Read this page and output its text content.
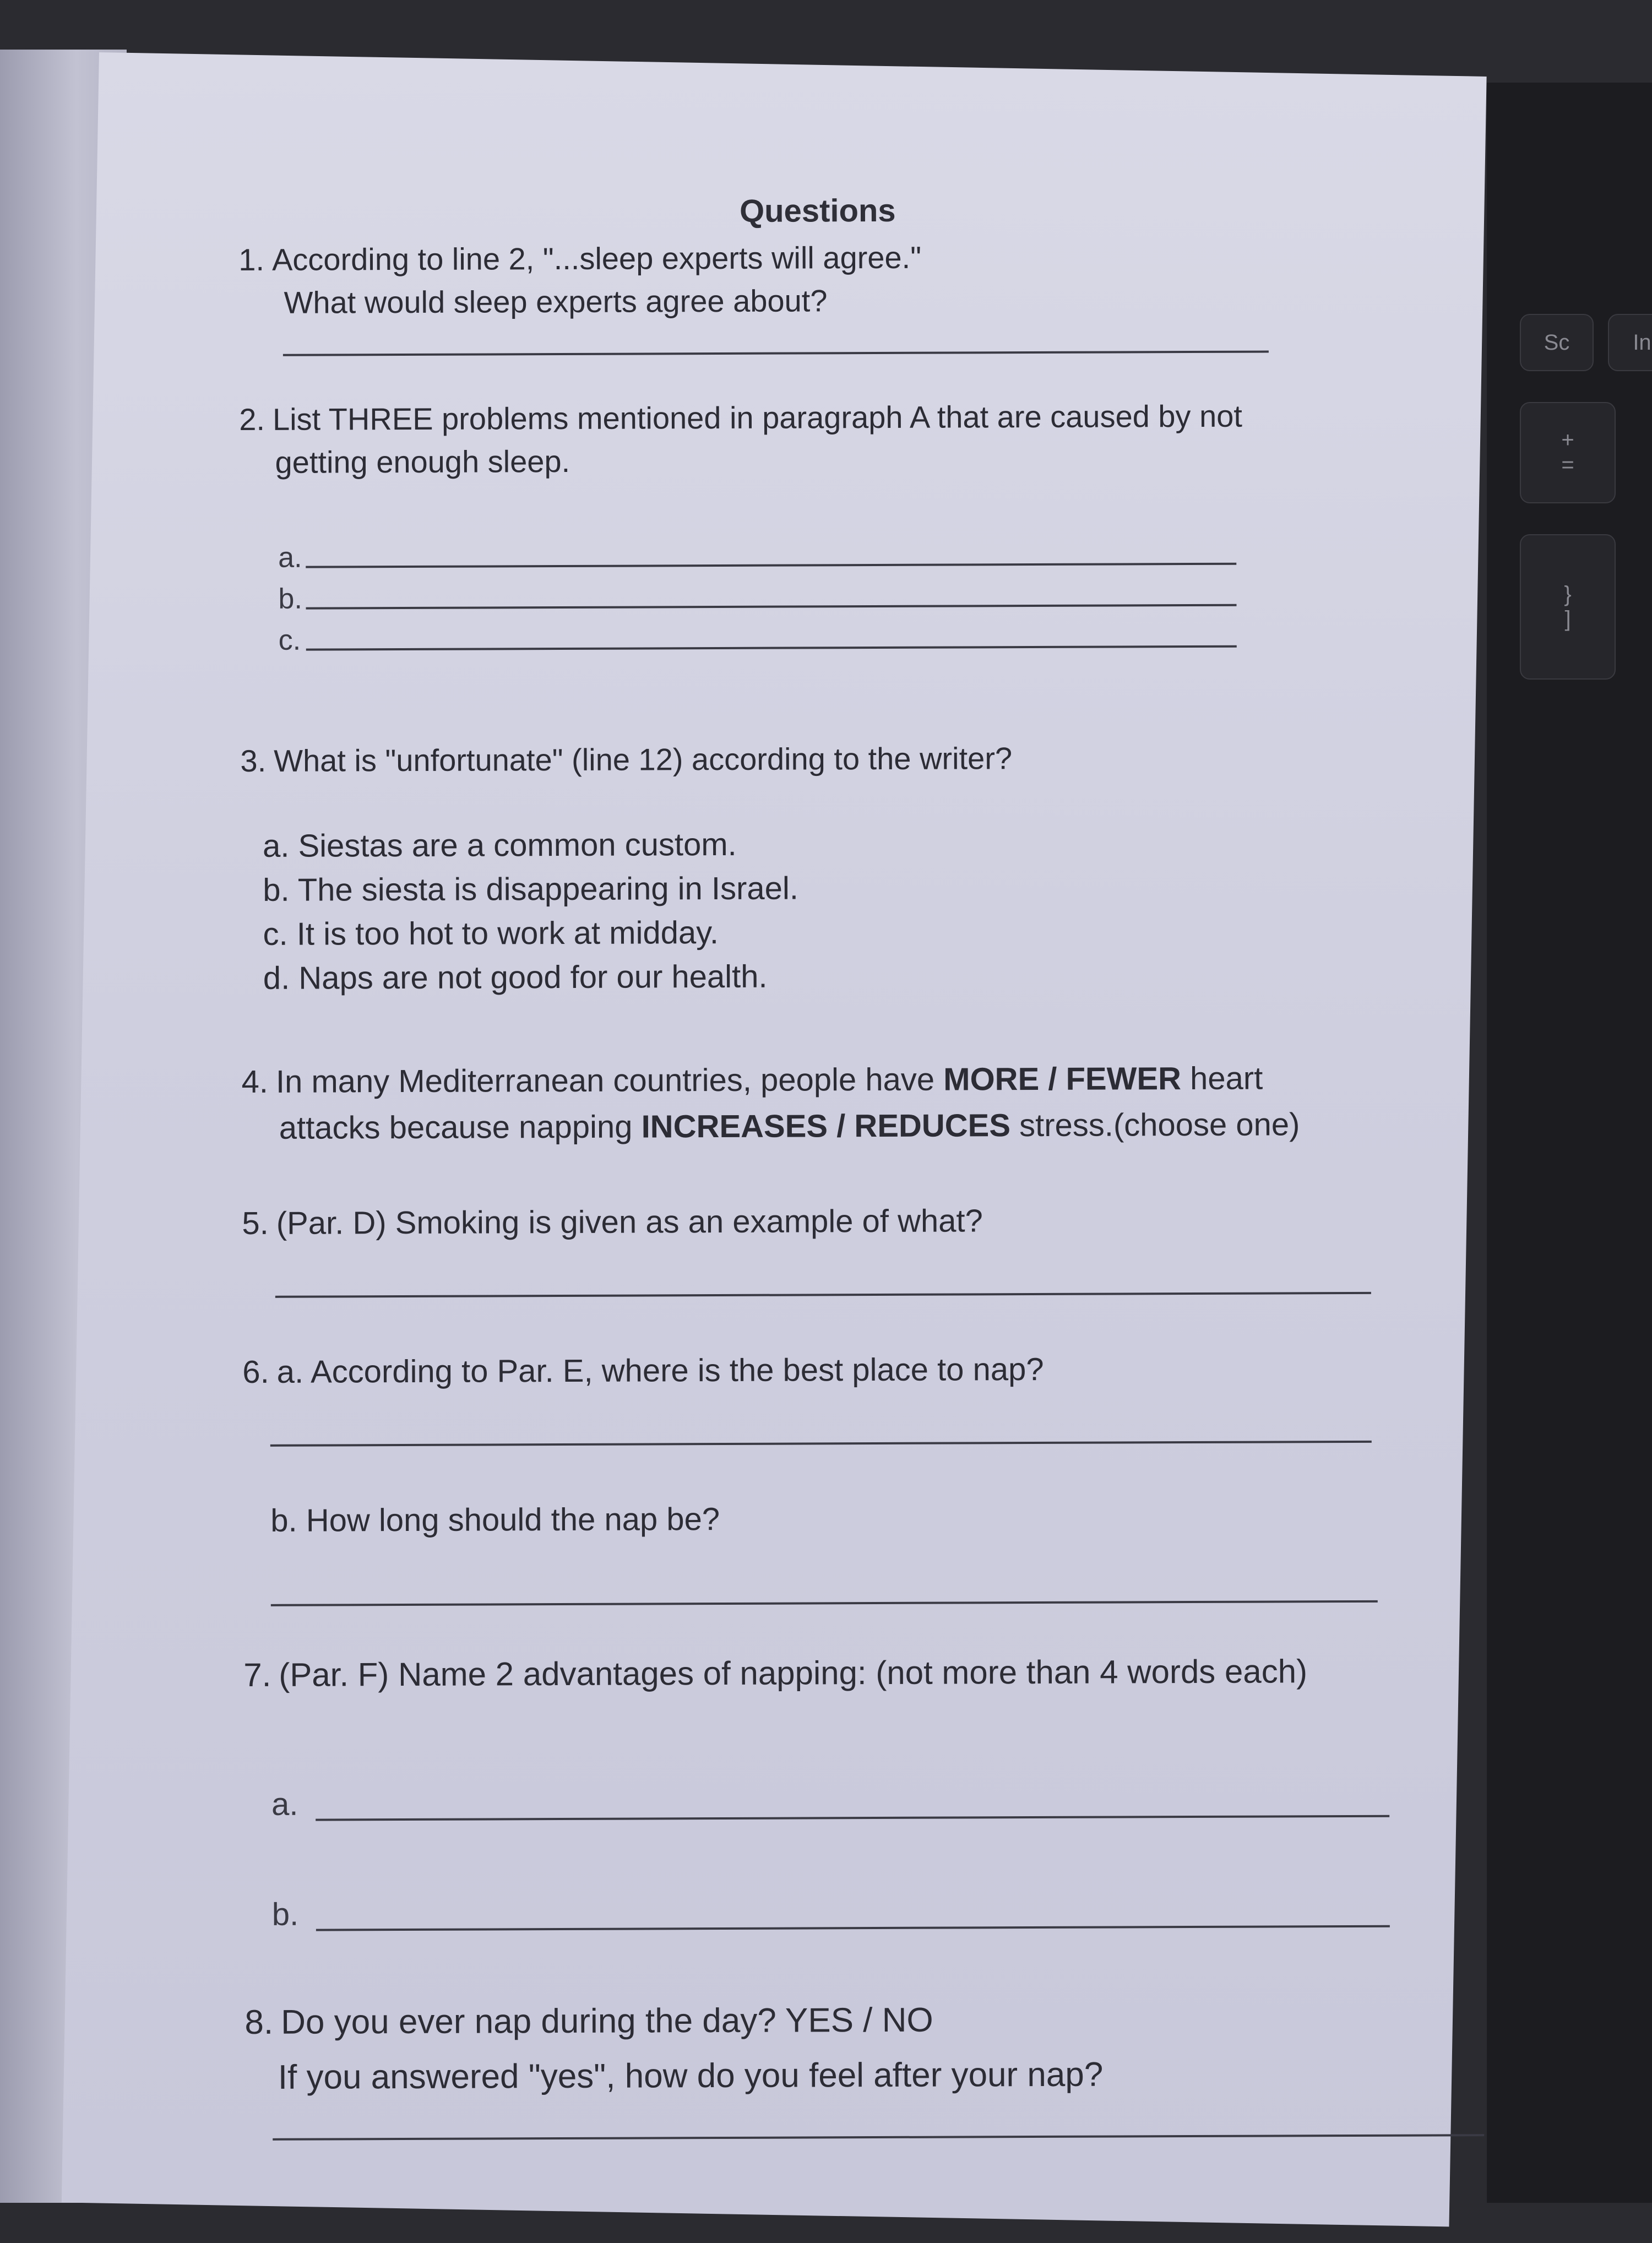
Sc	In
+
=
}
]
Questions
1. According to line 2, "...sleep experts will agree."
What would sleep experts agree about?
2. List THREE problems mentioned in paragraph A that are caused by not
getting enough sleep.
a.
b.
c.
3. What is "unfortunate" (line 12) according to the writer?
a. Siestas are a common custom.
b. The siesta is disappearing in Israel.
c. It is too hot to work at midday.
d. Naps are not good for our health.
4. In many Mediterranean countries, people have MORE / FEWER heart
attacks because napping INCREASES / REDUCES stress.(choose one)
5. (Par. D) Smoking is given as an example of what?
6. a. According to Par. E, where is the best place to nap?
b. How long should the nap be?
7. (Par. F) Name 2 advantages of napping: (not more than 4 words each)
a.
b.
8. Do you ever nap during the day? YES / NO
If you answered "yes", how do you feel after your nap?
